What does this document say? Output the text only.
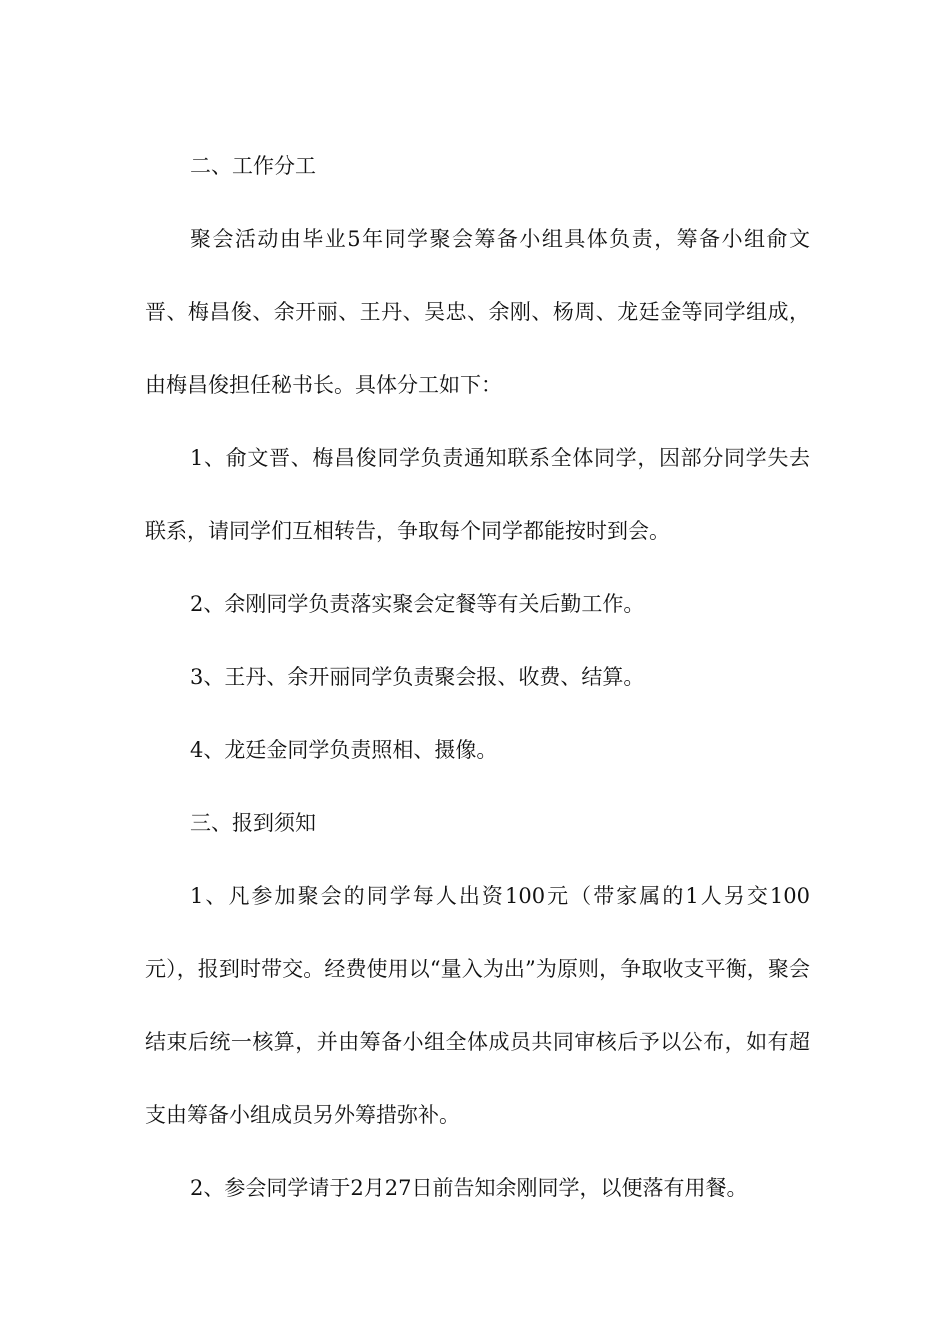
二、工作分工

聚会活动由毕业5年同学聚会筹备小组具体负责，筹备小组俞文晋、梅昌俊、余开丽、王丹、吴忠、余刚、杨周、龙廷金等同学组成，由梅昌俊担任秘书长。具体分工如下：

1、俞文晋、梅昌俊同学负责通知联系全体同学，因部分同学失去联系，请同学们互相转告，争取每个同学都能按时到会。

2、余刚同学负责落实聚会定餐等有关后勤工作。

3、王丹、余开丽同学负责聚会报、收费、结算。

4、龙廷金同学负责照相、摄像。

三、报到须知

1、凡参加聚会的同学每人出资100元（带家属的1人另交100元），报到时带交。经费使用以“量入为出”为原则，争取收支平衡，聚会结束后统一核算，并由筹备小组全体成员共同审核后予以公布，如有超支由筹备小组成员另外筹措弥补。

2、参会同学请于2月27日前告知余刚同学，以便落有用餐。
